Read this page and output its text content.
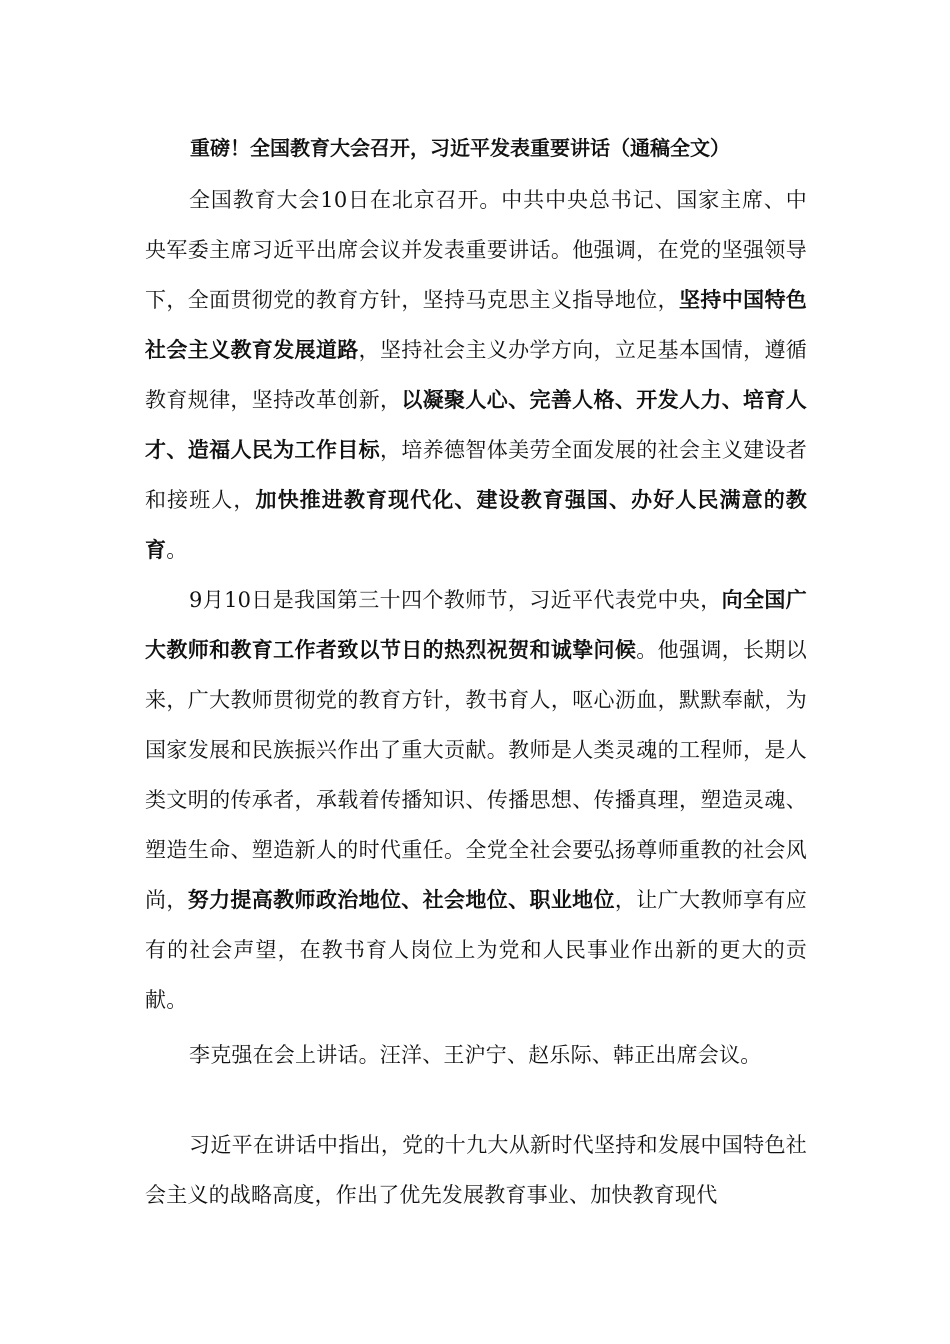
重磅！全国教育大会召开，习近平发表重要讲话（通稿全文）

全国教育大会10日在北京召开。中共中央总书记、国家主席、中央军委主席习近平出席会议并发表重要讲话。他强调，在党的坚强领导下，全面贯彻党的教育方针，坚持马克思主义指导地位，坚持中国特色社会主义教育发展道路，坚持社会主义办学方向，立足基本国情，遵循教育规律，坚持改革创新，以凝聚人心、完善人格、开发人力、培育人才、造福人民为工作目标，培养德智体美劳全面发展的社会主义建设者和接班人，加快推进教育现代化、建设教育强国、办好人民满意的教育。

9月10日是我国第三十四个教师节，习近平代表党中央，向全国广大教师和教育工作者致以节日的热烈祝贺和诚挚问候。他强调，长期以来，广大教师贯彻党的教育方针，教书育人，呕心沥血，默默奉献，为国家发展和民族振兴作出了重大贡献。教师是人类灵魂的工程师，是人类文明的传承者，承载着传播知识、传播思想、传播真理，塑造灵魂、塑造生命、塑造新人的时代重任。全党全社会要弘扬尊师重教的社会风尚，努力提高教师政治地位、社会地位、职业地位，让广大教师享有应有的社会声望，在教书育人岗位上为党和人民事业作出新的更大的贡献。

李克强在会上讲话。汪洋、王沪宁、赵乐际、韩正出席会议。

习近平在讲话中指出，党的十九大从新时代坚持和发展中国特色社会主义的战略高度，作出了优先发展教育事业、加快教育现代
